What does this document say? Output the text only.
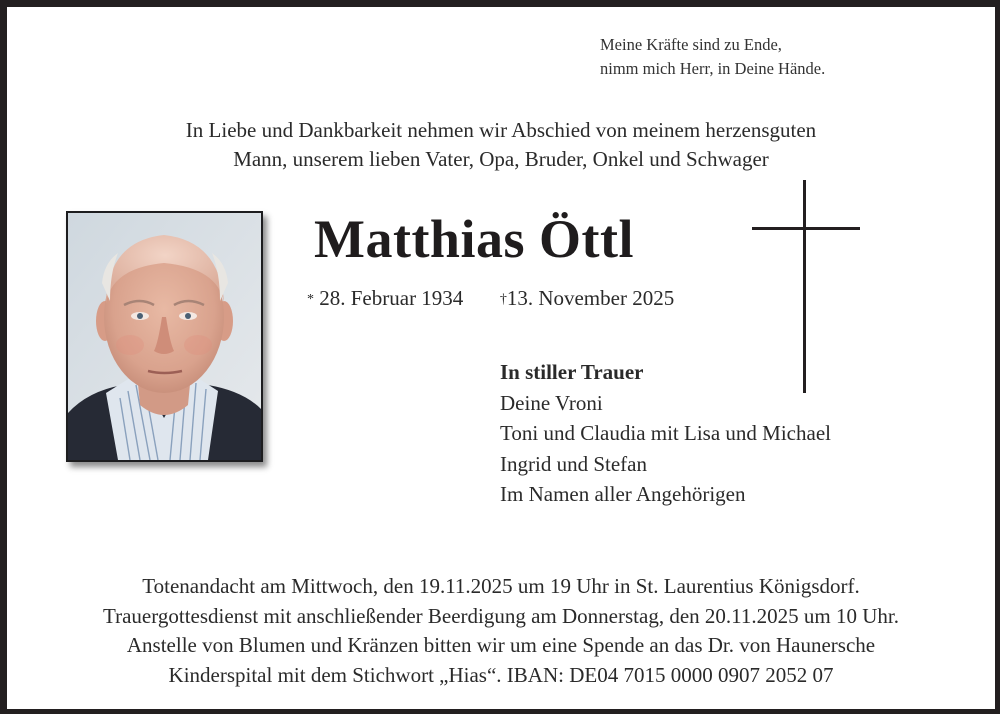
Meine Kräfte sind zu Ende,
nimm mich Herr, in Deine Hände.
In Liebe und Dankbarkeit nehmen wir Abschied von meinem herzensguten
Mann, unserem lieben Vater, Opa, Bruder, Onkel und Schwager
Matthias Öttl
* 28. Februar 1934	†13. November 2025
In stiller Trauer
Deine Vroni
Toni und Claudia mit Lisa und Michael
Ingrid und Stefan
Im Namen aller Angehörigen
Totenandacht am Mittwoch, den 19.11.2025 um 19 Uhr in St. Laurentius Königsdorf.
Trauergottesdienst mit anschließender Beerdigung am Donnerstag, den 20.11.2025 um 10 Uhr.
Anstelle von Blumen und Kränzen bitten wir um eine Spende an das Dr. von Haunersche
Kinderspital mit dem Stichwort „Hias“. IBAN: DE04 7015 0000 0907 2052 07
